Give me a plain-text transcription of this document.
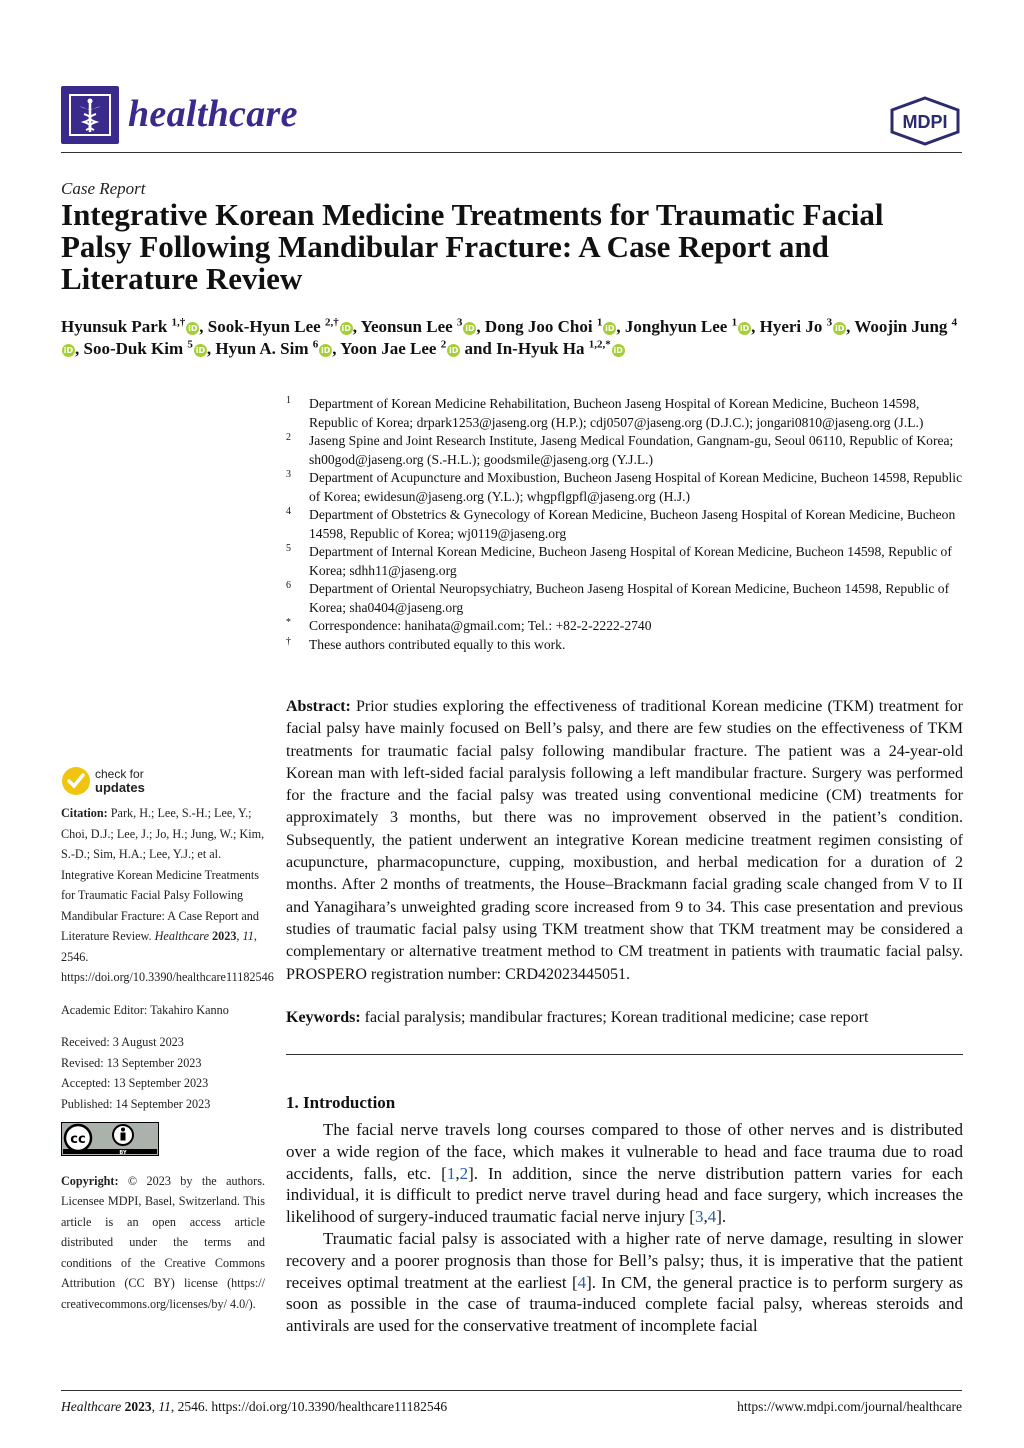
healthcare	MDPI
Case Report
Integrative Korean Medicine Treatments for Traumatic Facial Palsy Following Mandibular Fracture: A Case Report and Literature Review
Hyunsuk Park $^{1,\dagger}$iD , Sook-Hyun Lee $^{2,\dagger}$iD , Yeonsun Lee $^3$iD , Dong Joo Choi $^1$iD , Jonghyun Lee $^1$iD , Hyeri Jo $^3$iD , Woojin Jung $^4$iD , Soo-Duk Kim $^5$iD , Hyun A. Sim $^6$iD , Yoon Jae Lee $^2$iD and In-Hyuk Ha $^{1,2,*}$iD
1 Department of Korean Medicine Rehabilitation, Bucheon Jaseng Hospital of Korean Medicine, Bucheon 14598, Republic of Korea; drpark1253@jaseng.org (H.P.); cdj0507@jaseng.org (D.J.C.); jongari0810@jaseng.org (J.L.)
2 Jaseng Spine and Joint Research Institute, Jaseng Medical Foundation, Gangnam-gu, Seoul 06110, Republic of Korea; sh00god@jaseng.org (S.-H.L.); goodsmile@jaseng.org (Y.J.L.)
3 Department of Acupuncture and Moxibustion, Bucheon Jaseng Hospital of Korean Medicine, Bucheon 14598, Republic of Korea; ewidesun@jaseng.org (Y.L.); whgpflgpfl@jaseng.org (H.J.)
4 Department of Obstetrics & Gynecology of Korean Medicine, Bucheon Jaseng Hospital of Korean Medicine, Bucheon 14598, Republic of Korea; wj0119@jaseng.org
5 Department of Internal Korean Medicine, Bucheon Jaseng Hospital of Korean Medicine, Bucheon 14598, Republic of Korea; sdhh11@jaseng.org
6 Department of Oriental Neuropsychiatry, Bucheon Jaseng Hospital of Korean Medicine, Bucheon 14598, Republic of Korea; sha0404@jaseng.org
* Correspondence: hanihata@gmail.com; Tel.: +82-2-2222-2740
† These authors contributed equally to this work.
check for
updates

Citation: Park, H.; Lee, S.-H.; Lee, Y.; Choi, D.J.; Lee, J.; Jo, H.; Jung, W.; Kim, S.-D.; Sim, H.A.; Lee, Y.J.; et al. Integrative Korean Medicine Treatments for Traumatic Facial Palsy Following Mandibular Fracture: A Case Report and Literature Review. Healthcare 2023, 11, 2546. https://doi.org/10.3390/healthcare11182546

Academic Editor: Takahiro Kanno

Received: 3 August 2023

Revised: 13 September 2023

Accepted: 13 September 2023

Published: 14 September 2023

cc
BY

Copyright: © 2023 by the authors. Licensee MDPI, Basel, Switzerland. This article is an open access article distributed under the terms and conditions of the Creative Commons Attribution (CC BY) license (https:// creativecommons.org/licenses/by/ 4.0/).

Abstract: Prior studies exploring the effectiveness of traditional Korean medicine (TKM) treatment for facial palsy have mainly focused on Bell’s palsy, and there are few studies on the effectiveness of TKM treatments for traumatic facial palsy following mandibular fracture. The patient was a 24-year-old Korean man with left-sided facial paralysis following a left mandibular fracture. Surgery was performed for the fracture and the facial palsy was treated using conventional medicine (CM) treatments for approximately 3 months, but there was no improvement observed in the patient’s condition. Subsequently, the patient underwent an integrative Korean medicine treatment regimen consisting of acupuncture, pharmacopuncture, cupping, moxibustion, and herbal medication for a duration of 2 months. After 2 months of treatments, the House–Brackmann facial grading scale changed from V to II and Yanagihara’s unweighted grading score increased from 9 to 34. This case presentation and previous studies of traumatic facial palsy using TKM treatment show that TKM treatment may be considered a complementary or alternative treatment method to CM treatment in patients with traumatic facial palsy. PROSPERO registration number: CRD42023445051.
Keywords: facial paralysis; mandibular fractures; Korean traditional medicine; case report
1. Introduction

The facial nerve travels long courses compared to those of other nerves and is distributed over a wide region of the face, which makes it vulnerable to head and face trauma due to road accidents, falls, etc. [1,2]. In addition, since the nerve distribution pattern varies for each individual, it is difficult to predict nerve travel during head and face surgery, which increases the likelihood of surgery-induced traumatic facial nerve injury [3,4].

Traumatic facial palsy is associated with a higher rate of nerve damage, resulting in slower recovery and a poorer prognosis than those for Bell’s palsy; thus, it is imperative that the patient receives optimal treatment at the earliest [4]. In CM, the general practice is to perform surgery as soon as possible in the case of trauma-induced complete facial palsy, whereas steroids and antivirals are used for the conservative treatment of incomplete facial

Healthcare 2023, 11, 2546. https://doi.org/10.3390/healthcare11182546	https://www.mdpi.com/journal/healthcare
